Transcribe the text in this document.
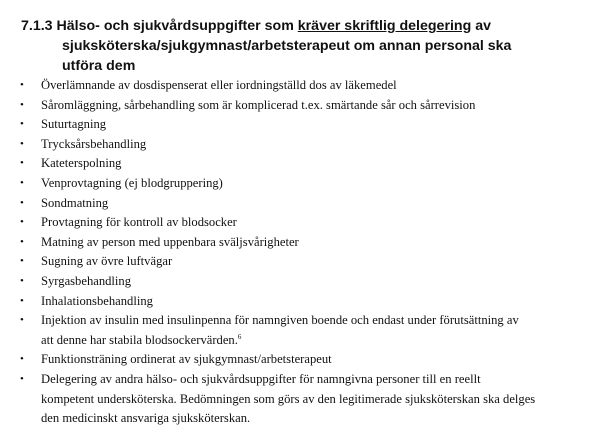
7.1.3 Hälso- och sjukvårdsuppgifter som kräver skriftlig delegering av
sjuksköterska/sjukgymnast/arbetsterapeut om annan personal ska
utföra dem
• Överlämnande av dosdispenserat eller iordningställd dos av läkemedel
• Såromläggning, sårbehandling som är komplicerad t.ex. smärtande sår och sårrevision
• Suturtagning
• Trycksårsbehandling
• Kateterspolning
• Venprovtagning (ej blodgruppering)
• Sondmatning
• Provtagning för kontroll av blodsocker
• Matning av person med uppenbara sväljsvårigheter
• Sugning av övre luftvägar
• Syrgasbehandling
• Inhalationsbehandling
• Injektion av insulin med insulinpenna för namngiven boende och endast under förutsättning av
att denne har stabila blodsockervärden.$^6$
• Funktionsträning ordinerat av sjukgymnast/arbetsterapeut
• Delegering av andra hälso- och sjukvårdsuppgifter för namngivna personer till en reellt
kompetent undersköterska. Bedömningen som görs av den legitimerade sjuksköterskan ska delges
den medicinskt ansvariga sjuksköterskan.
